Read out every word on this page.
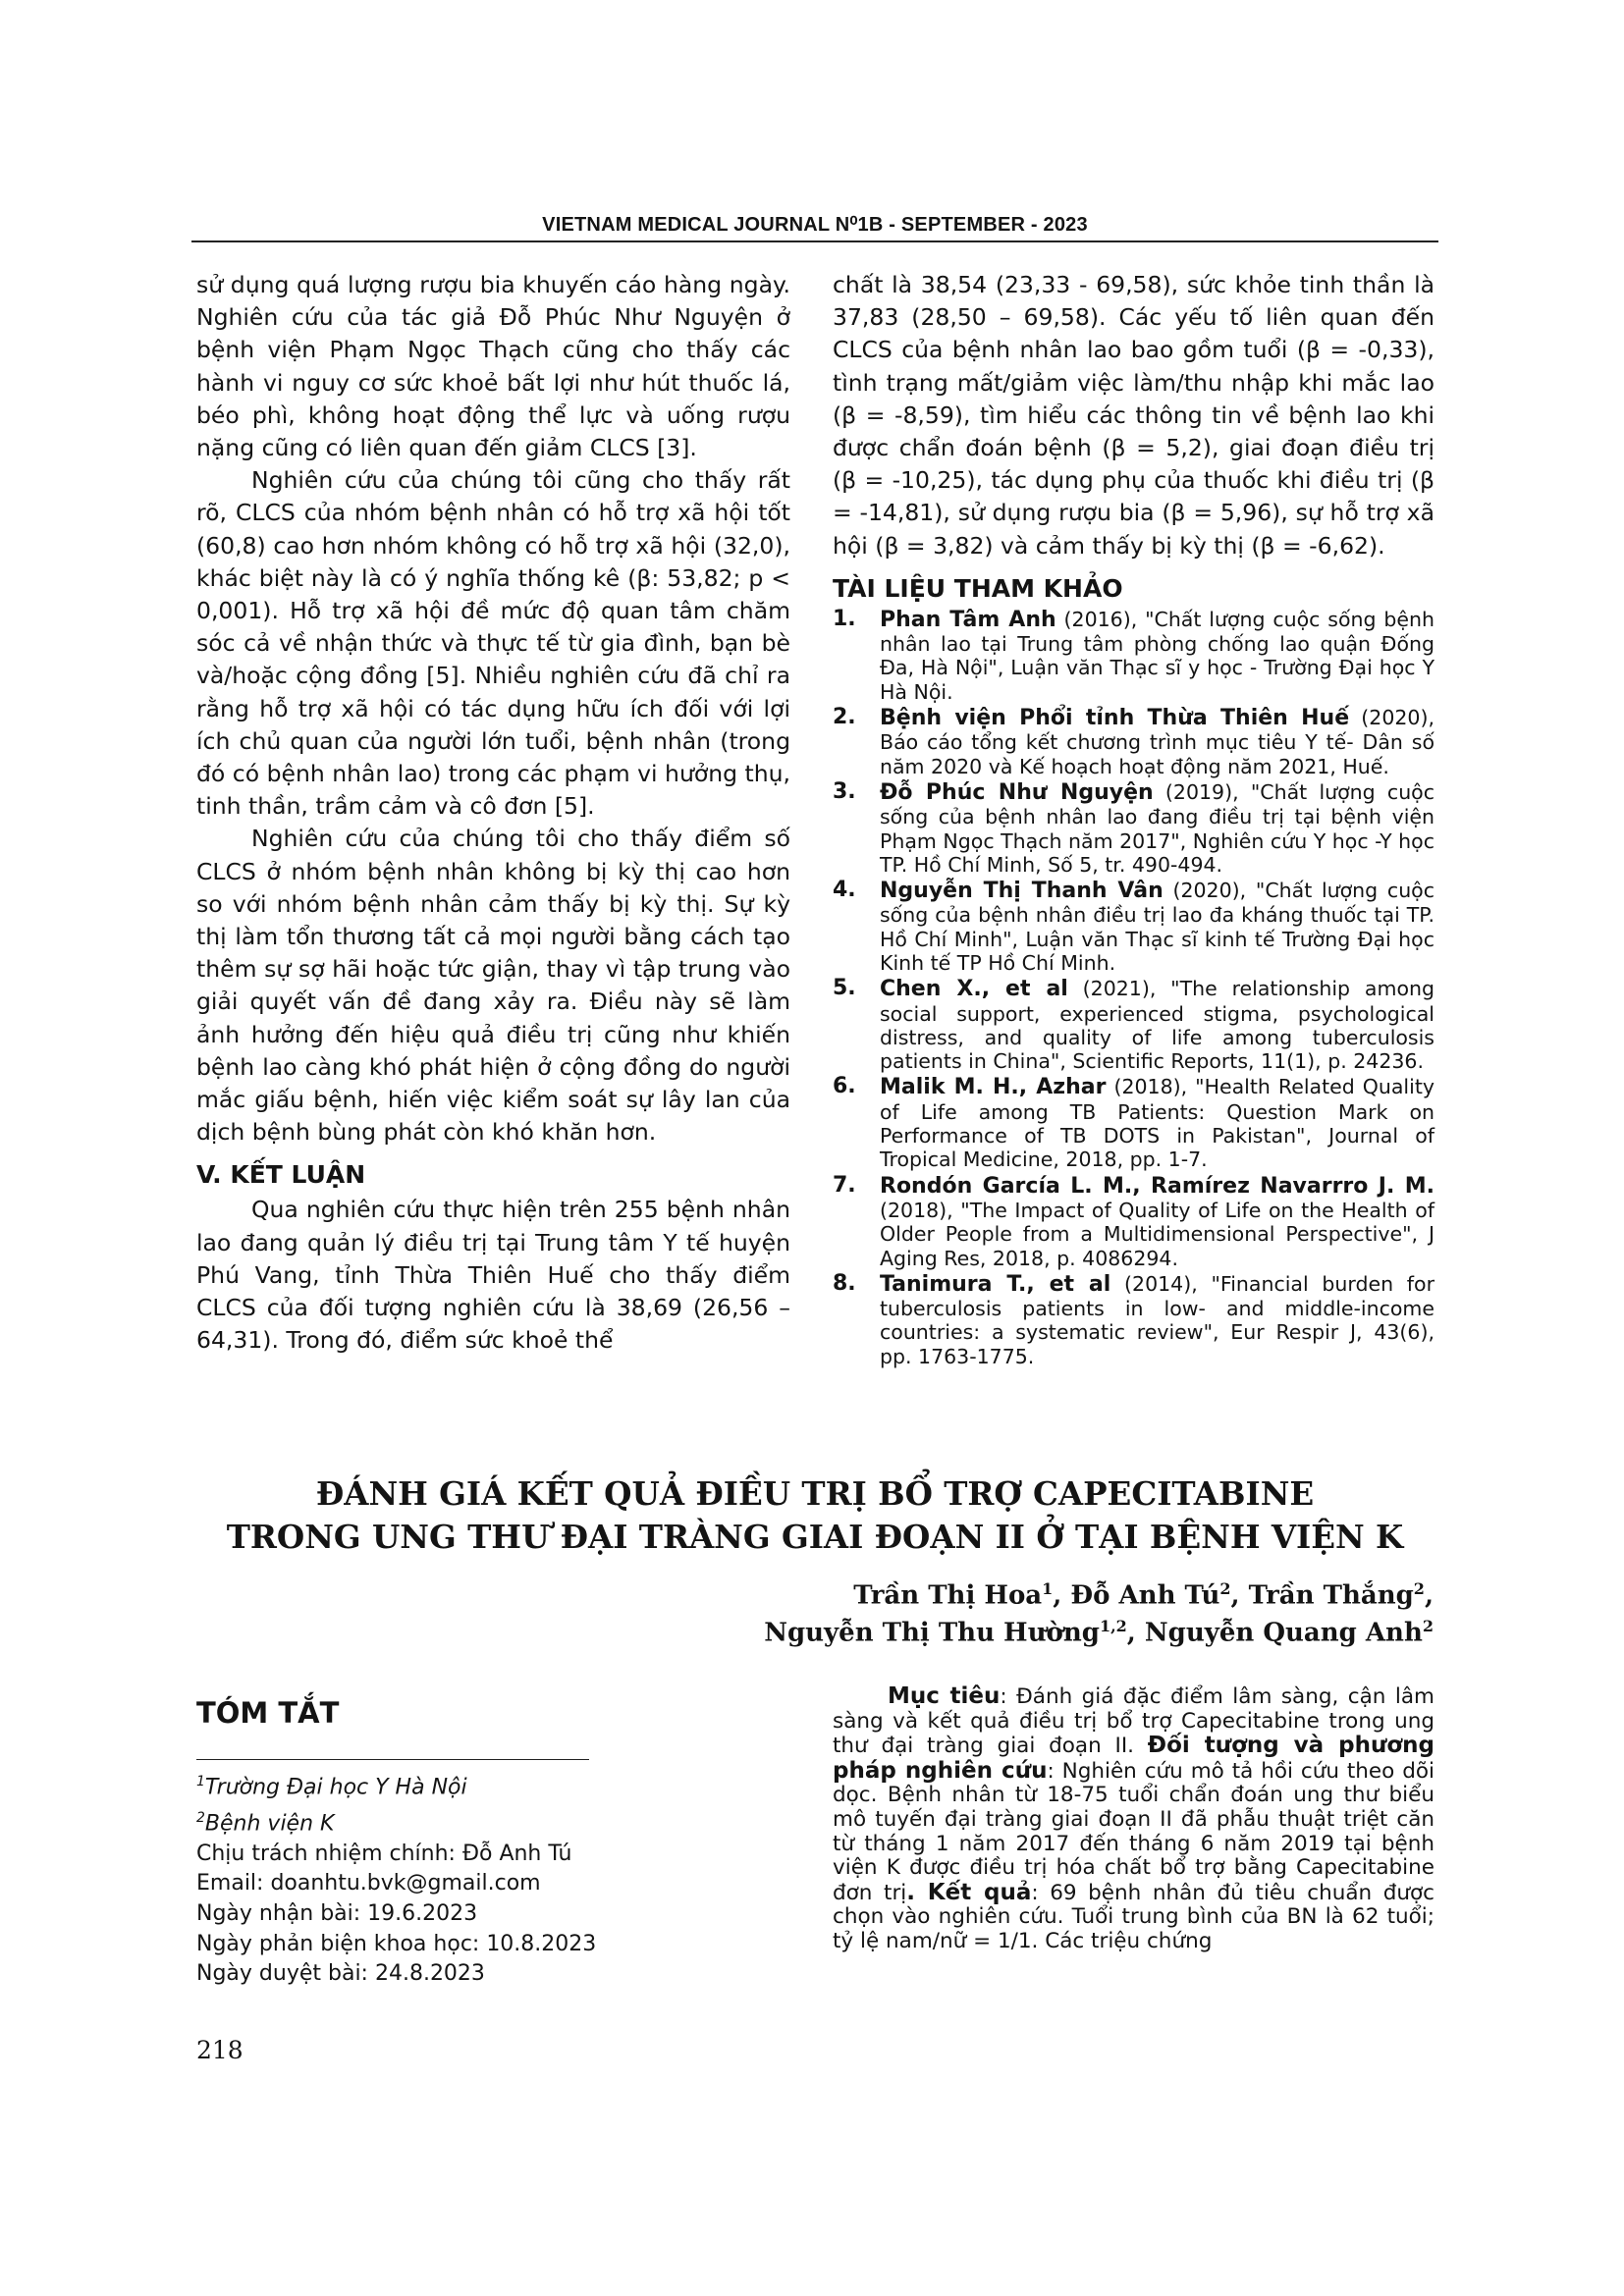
VIETNAM MEDICAL JOURNAL N⁰1B - SEPTEMBER - 2023

sử dụng quá lượng rượu bia khuyến cáo hàng ngày. Nghiên cứu của tác giả Đỗ Phúc Như Nguyện ở bệnh viện Phạm Ngọc Thạch cũng cho thấy các hành vi nguy cơ sức khoẻ bất lợi như hút thuốc lá, béo phì, không hoạt động thể lực và uống rượu nặng cũng có liên quan đến giảm CLCS [3].

Nghiên cứu của chúng tôi cũng cho thấy rất rõ, CLCS của nhóm bệnh nhân có hỗ trợ xã hội tốt (60,8) cao hơn nhóm không có hỗ trợ xã hội (32,0), khác biệt này là có ý nghĩa thống kê (β: 53,82; p < 0,001). Hỗ trợ xã hội đề mức độ quan tâm chăm sóc cả về nhận thức và thực tế từ gia đình, bạn bè và/hoặc cộng đồng [5]. Nhiều nghiên cứu đã chỉ ra rằng hỗ trợ xã hội có tác dụng hữu ích đối với lợi ích chủ quan của người lớn tuổi, bệnh nhân (trong đó có bệnh nhân lao) trong các phạm vi hưởng thụ, tinh thần, trầm cảm và cô đơn [5].

Nghiên cứu của chúng tôi cho thấy điểm số CLCS ở nhóm bệnh nhân không bị kỳ thị cao hơn so với nhóm bệnh nhân cảm thấy bị kỳ thị. Sự kỳ thị làm tổn thương tất cả mọi người bằng cách tạo thêm sự sợ hãi hoặc tức giận, thay vì tập trung vào giải quyết vấn đề đang xảy ra. Điều này sẽ làm ảnh hưởng đến hiệu quả điều trị cũng như khiến bệnh lao càng khó phát hiện ở cộng đồng do người mắc giấu bệnh, hiến việc kiểm soát sự lây lan của dịch bệnh bùng phát còn khó khăn hơn.

V. KẾT LUẬN

Qua nghiên cứu thực hiện trên 255 bệnh nhân lao đang quản lý điều trị tại Trung tâm Y tế huyện Phú Vang, tỉnh Thừa Thiên Huế cho thấy điểm CLCS của đối tượng nghiên cứu là 38,69 (26,56 – 64,31). Trong đó, điểm sức khoẻ thể

chất là 38,54 (23,33 - 69,58), sức khỏe tinh thần là 37,83 (28,50 – 69,58). Các yếu tố liên quan đến CLCS của bệnh nhân lao bao gồm tuổi (β = -0,33), tình trạng mất/giảm việc làm/thu nhập khi mắc lao (β = -8,59), tìm hiểu các thông tin về bệnh lao khi được chẩn đoán bệnh (β = 5,2), giai đoạn điều trị (β = -10,25), tác dụng phụ của thuốc khi điều trị (β = -14,81), sử dụng rượu bia (β = 5,96), sự hỗ trợ xã hội (β = 3,82) và cảm thấy bị kỳ thị (β = -6,62).

TÀI LIỆU THAM KHẢO
1. Phan Tâm Anh (2016), "Chất lượng cuộc sống bệnh nhân lao tại Trung tâm phòng chống lao quận Đống Đa, Hà Nội", Luận văn Thạc sĩ y học - Trường Đại học Y Hà Nội.
2. Bệnh viện Phổi tỉnh Thừa Thiên Huế (2020), Báo cáo tổng kết chương trình mục tiêu Y tế- Dân số năm 2020 và Kế hoạch hoạt động năm 2021, Huế.
3. Đỗ Phúc Như Nguyện (2019), "Chất lượng cuộc sống của bệnh nhân lao đang điều trị tại bệnh viện Phạm Ngọc Thạch năm 2017", Nghiên cứu Y học -Y học TP. Hồ Chí Minh, Số 5, tr. 490-494.
4. Nguyễn Thị Thanh Vân (2020), "Chất lượng cuộc sống của bệnh nhân điều trị lao đa kháng thuốc tại TP. Hồ Chí Minh", Luận văn Thạc sĩ kinh tế Trường Đại học Kinh tế TP Hồ Chí Minh.
5. Chen X., et al (2021), "The relationship among social support, experienced stigma, psychological distress, and quality of life among tuberculosis patients in China", Scientific Reports, 11(1), p. 24236.
6. Malik M. H., Azhar (2018), "Health Related Quality of Life among TB Patients: Question Mark on Performance of TB DOTS in Pakistan", Journal of Tropical Medicine, 2018, pp. 1-7.
7. Rondón García L. M., Ramírez Navarrro J. M. (2018), "The Impact of Quality of Life on the Health of Older People from a Multidimensional Perspective", J Aging Res, 2018, p. 4086294.
8. Tanimura T., et al (2014), "Financial burden for tuberculosis patients in low- and middle-income countries: a systematic review", Eur Respir J, 43(6), pp. 1763-1775.
ĐÁNH GIÁ KẾT QUẢ ĐIỀU TRỊ BỔ TRỢ CAPECITABINE
TRONG UNG THƯ ĐẠI TRÀNG GIAI ĐOẠN II Ở TẠI BỆNH VIỆN K
Trần Thị Hoa$^1$, Đỗ Anh $Tú^2$, Trần Thắng$^2$,
Nguyễn Thị Thu Hường$^{1,2}$, Nguyễn Quang Anh$^2$
TÓM TẮT
$^1$Trường Đại học Y Hà Nội
$^2$Bệnh viện K
Chịu trách nhiệm chính: Đỗ Anh Tú
Email: doanhtu.bvk@gmail.com
Ngày nhận bài: 19.6.2023
Ngày phản biện khoa học: 10.8.2023
Ngày duyệt bài: 24.8.2023
Mục tiêu: Đánh giá đặc điểm lâm sàng, cận lâm sàng và kết quả điều trị bổ trợ Capecitabine trong ung thư đại tràng giai đoạn II. Đối tượng và phương pháp nghiên cứu: Nghiên cứu mô tả hồi cứu theo dõi dọc. Bệnh nhân từ 18-75 tuổi chẩn đoán ung thư biểu mô tuyến đại tràng giai đoạn II đã phẫu thuật triệt căn từ tháng 1 năm 2017 đến tháng 6 năm 2019 tại bệnh viện K được điều trị hóa chất bổ trợ bằng Capecitabine đơn trị. Kết quả: 69 bệnh nhân đủ tiêu chuẩn được chọn vào nghiên cứu. Tuổi trung bình của BN là 62 tuổi; tỷ lệ nam/nữ = 1/1. Các triệu chứng
218
